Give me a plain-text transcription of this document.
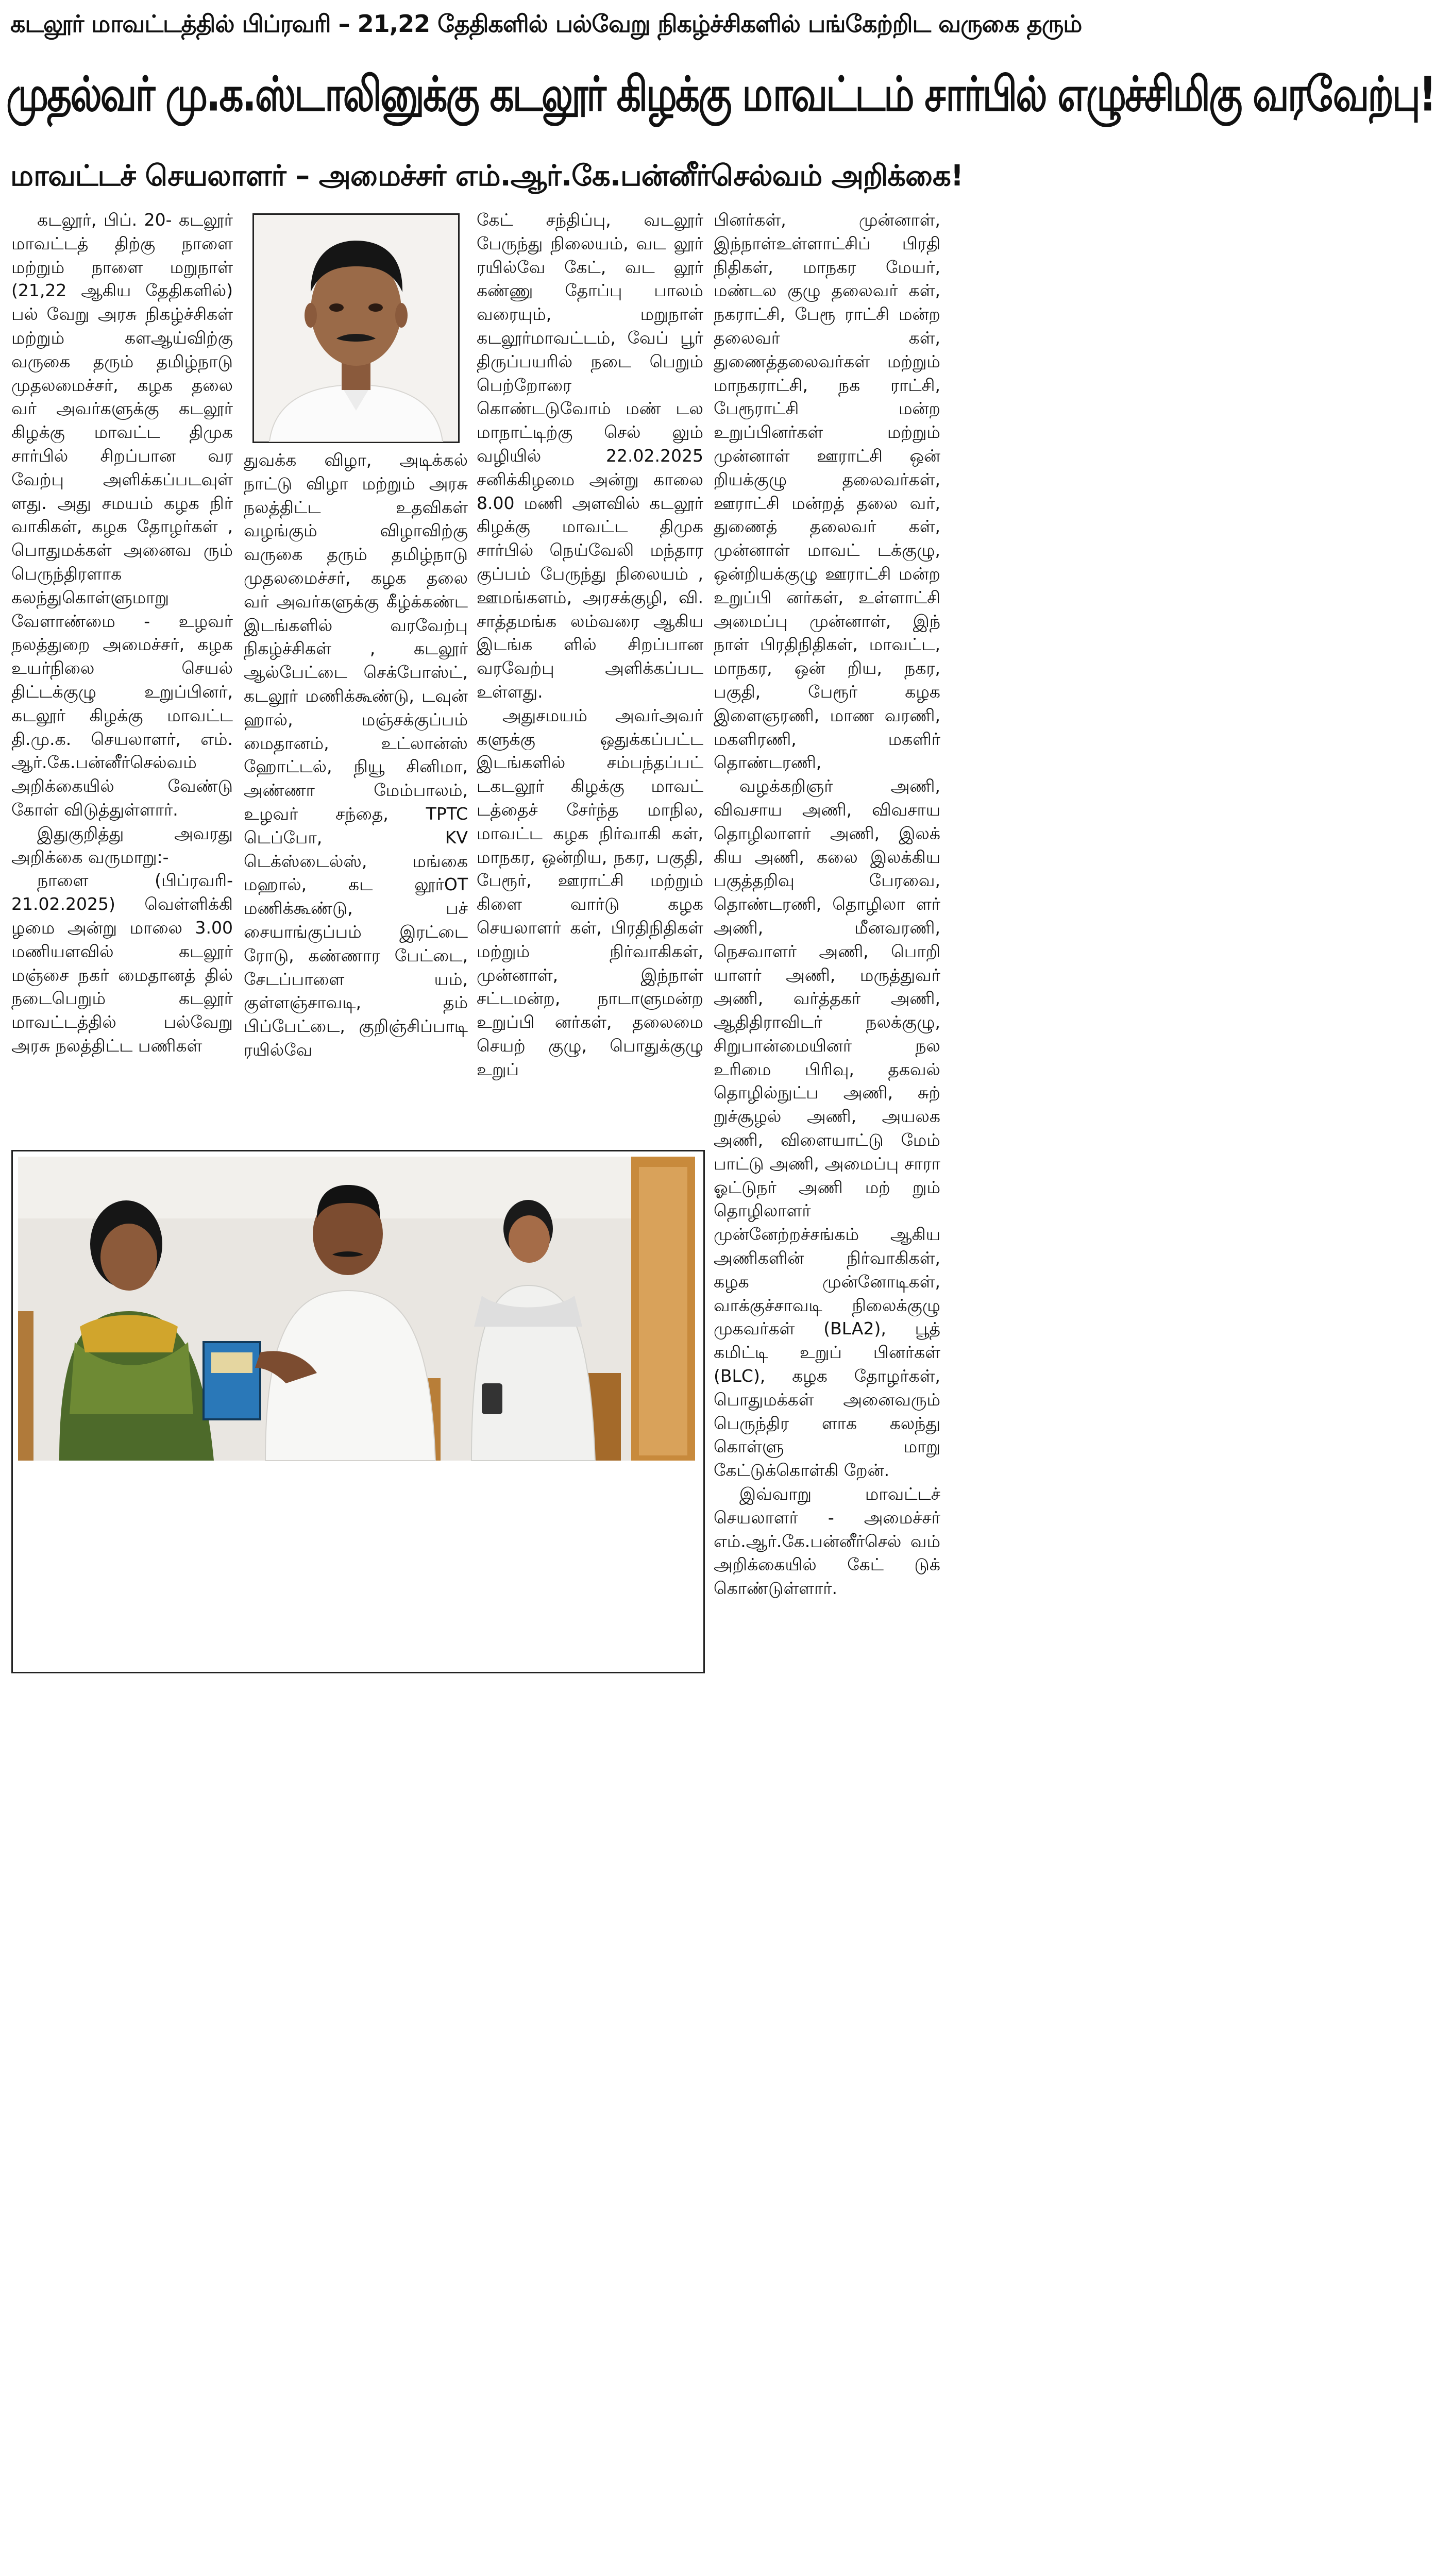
கடலூர் மாவட்டத்தில் பிப்ரவரி – 21,22 தேதிகளில் பல்வேறு நிகழ்ச்சிகளில் பங்கேற்றிட வருகை தரும்
முதல்வர் மு.க.ஸ்டாலினுக்கு கடலூர் கிழக்கு மாவட்டம் சார்பில் எழுச்சிமிகு வரவேற்பு!
மாவட்டச் செயலாளர் – அமைச்சர் எம்.ஆர்.கே.பன்னீர்செல்வம் அறிக்கை!

கடலூர், பிப். 20- கடலூர் மாவட்டத் திற்கு நாளை மற்றும் நாளை மறுநாள் (21,22 ஆகிய தேதிகளில்) பல் வேறு அரசு நிகழ்ச்சிகள் மற்றும் களஆய்விற்கு வருகை தரும் தமிழ்நாடு முதலமைச்சர், கழக தலை வர் அவர்களுக்கு கடலூர் கிழக்கு மாவட்ட திமுக சார்பில் சிறப்பான வர வேற்பு அளிக்கப்படவுள் ளது. அது சமயம் கழக நிர் வாகிகள், கழக தோழர்கள் , பொதுமக்கள் அனைவ ரும் பெருந்திரளாக கலந்துகொள்ளுமாறு வேளாண்மை - உழவர் நலத்துறை அமைச்சர், கழக உயர்நிலை செயல் திட்டக்குழு உறுப்பினர், கடலூர் கிழக்கு மாவட்ட தி.மு.க. செயலாளர், எம். ஆர்.கே.பன்னீர்செல்வம் அறிக்கையில் வேண்டு கோள் விடுத்துள்ளார்.

இதுகுறித்து அவரது அறிக்கை வருமாறு:-

நாளை (பிப்ரவரி- 21.02.2025) வெள்ளிக்கி ழமை அன்று மாலை 3.00 மணியளவில் கடலூர் மஞ்சை நகர் மைதானத் தில் நடைபெறும் கடலூர் மாவட்டத்தில் பல்வேறு அரசு நலத்திட்ட பணிகள்

துவக்க விழா, அடிக்கல் நாட்டு விழா மற்றும் அரசு நலத்திட்ட உதவிகள் வழங்கும் விழாவிற்கு வருகை தரும் தமிழ்நாடு முதலமைச்சர், கழக தலை வர் அவர்களுக்கு கீழ்க்கண்ட இடங்களில் வரவேற்பு நிகழ்ச்சிகள் , கடலூர் ஆல்பேட்டை செக்போஸ்ட், கடலூர் மணிக்கூண்டு, டவுன் ஹால், மஞ்சக்குப்பம் மைதானம், உட்லான்ஸ் ஹோட்டல், நியூ சினிமா, அண்ணா மேம்பாலம், உழவர் சந்தை, TPTC டெப்போ, KV டெக்ஸ்டைல்ஸ், மங்கை மஹால், கட லூர்OT மணிக்கூண்டு, பச் சையாங்குப்பம் இரட்டை ரோடு, கண்ணார பேட்டை, சேடப்பாளை யம், குள்ளஞ்சாவடி, தம் பிப்பேட்டை, குறிஞ்சிப்பாடி ரயில்வே

கேட் சந்திப்பு, வடலூர் பேருந்து நிலையம், வட லூர் ரயில்வே கேட், வட லூர் கண்ணு தோப்பு பாலம் வரையும், மறுநாள் கடலூர்மாவட்டம், வேப் பூர் திருப்பயரில் நடை பெறும் பெற்றோரை கொண்டடுவோம் மண் டல மாநாட்டிற்கு செல் லும் வழியில் 22.02.2025 சனிக்கிழமை அன்று காலை 8.00 மணி அளவில் கடலூர் கிழக்கு மாவட்ட திமுக சார்பில் நெய்வேலி மந்தார குப்பம் பேருந்து நிலையம் , ஊமங்களம், அரசக்குழி, வி. சாத்தமங்க லம்வரை ஆகிய இடங்க ளில் சிறப்பான வரவேற்பு அளிக்கப்பட உள்ளது.

அதுசமயம் அவர்அவர் களுக்கு ஒதுக்கப்பட்ட இடங்களில் சம்பந்தப்பட் டகடலூர் கிழக்கு மாவட் டத்தைச் சேர்ந்த மாநில, மாவட்ட கழக நிர்வாகி கள், மாநகர, ஒன்றிய, நகர, பகுதி, பேரூர், ஊராட்சி மற்றும் கிளை வார்டு கழக செயலாளர் கள், பிரதிநிதிகள் மற்றும் நிர்வாகிகள், முன்னாள், இந்நாள் சட்டமன்ற, நாடாளுமன்ற உறுப்பி னர்கள், தலைமை செயற் குழு, பொதுக்குழு உறுப்

பினர்கள், முன்னாள், இந்நாள்உள்ளாட்சிப் பிரதி நிதிகள், மாநகர மேயர், மண்டல குழு தலைவர் கள், நகராட்சி, பேரூ ராட்சி மன்ற தலைவர் கள், துணைத்தலைவர்கள் மற்றும் மாநகராட்சி, நக ராட்சி, பேரூராட்சி மன்ற உறுப்பினர்கள் மற்றும் முன்னாள் ஊராட்சி ஒன் றியக்குழு தலைவர்கள், ஊராட்சி மன்றத் தலை வர், துணைத் தலைவர் கள், முன்னாள் மாவட் டக்குழு, ஒன்றியக்குழு ஊராட்சி மன்ற உறுப்பி னர்கள், உள்ளாட்சி அமைப்பு முன்னாள், இந் நாள் பிரதிநிதிகள், மாவட்ட, மாநகர, ஒன் றிய, நகர, பகுதி, பேரூர் கழக இளைஞரணி, மாண வரணி, மகளிரணி, மகளிர் தொண்டரணி,

வழக்கறிஞர் அணி, விவசாய அணி, விவசாய தொழிலாளர் அணி, இலக் கிய அணி, கலை இலக்கிய பகுத்தறிவு பேரவை, தொண்டரணி, தொழிலா ளர் அணி, மீனவரணி, நெசவாளர் அணி, பொறி யாளர் அணி, மருத்துவர் அணி, வர்த்தகர் அணி, ஆதிதிராவிடர் நலக்குழு, சிறுபான்மையினர் நல உரிமை பிரிவு, தகவல் தொழில்நுட்ப அணி, சுற் றுச்சூழல் அணி, அயலக அணி, விளையாட்டு மேம் பாட்டு அணி, அமைப்பு சாரா ஓட்டுநர் அணி மற் றும் தொழிலாளர் முன்னேற்றச்சங்கம் ஆகிய அணிகளின் நிர்வாகிகள், கழக முன்னோடிகள், வாக்குச்சாவடி நிலைக்குழு முகவர்கள் (BLA2), பூத் கமிட்டி உறுப் பினர்கள் (BLC), கழக தோழர்கள், பொதுமக்கள் அனைவரும் பெருந்திர ளாக கலந்து கொள்ளு மாறு கேட்டுக்கொள்கி றேன்.

இவ்வாறு மாவட்டச் செயலாளர் - அமைச்சர் எம்.ஆர்.கே.பன்னீர்செல் வம் அறிக்கையில் கேட் டுக் கொண்டுள்ளார்.
